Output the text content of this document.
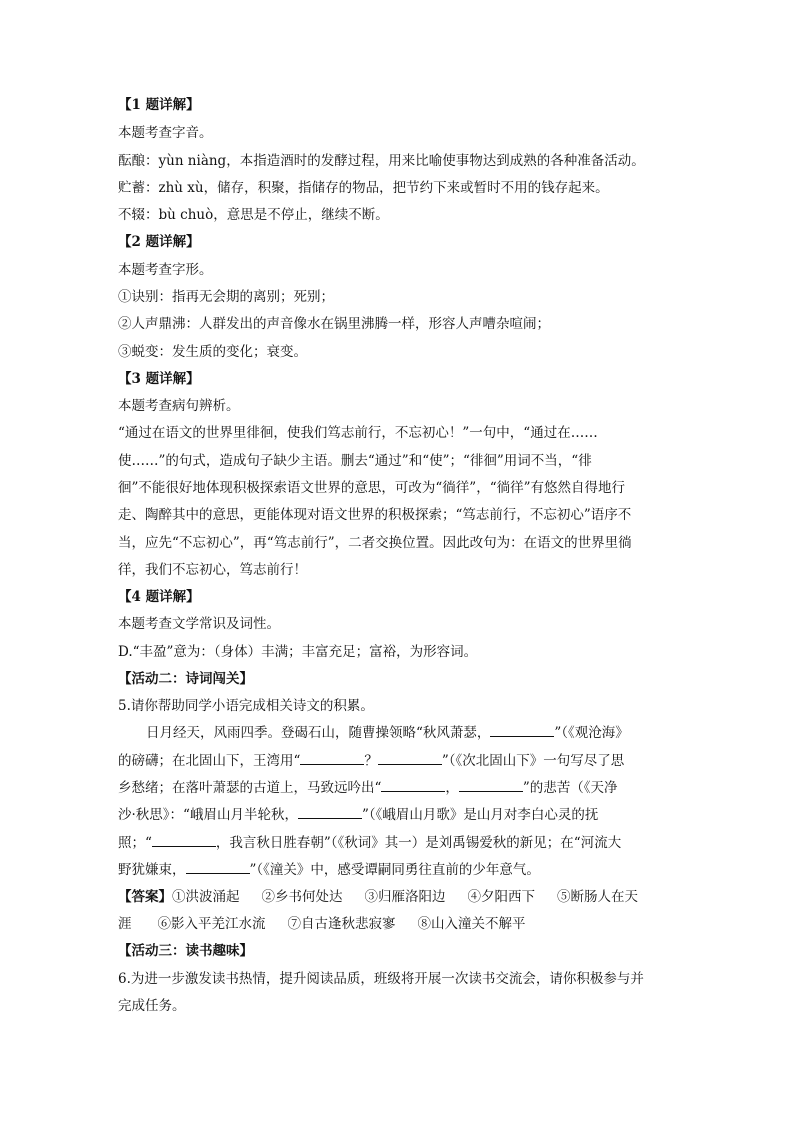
【1 题详解】
本题考查字音。
酝酿：yùn niàng，本指造酒时的发酵过程，用来比喻使事物达到成熟的各种准备活动。
贮蓄：zhù xù，储存，积聚，指储存的物品，把节约下来或暂时不用的钱存起来。
不辍：bù chuò，意思是不停止，继续不断。
【2 题详解】
本题考查字形。
①诀别：指再无会期的离别；死别；
②人声鼎沸：人群发出的声音像水在锅里沸腾一样，形容人声嘈杂喧闹；
③蜕变：发生质的变化；衰变。
【3 题详解】
本题考查病句辨析。
“通过在语文的世界里徘徊，使我们笃志前行，不忘初心！”一句中，“通过在……
使……”的句式，造成句子缺少主语。删去“通过”和“使”；“徘徊”用词不当，“徘
徊”不能很好地体现积极探索语文世界的意思，可改为“徜徉”，“徜徉”有悠然自得地行
走、陶醉其中的意思，更能体现对语文世界的积极探索；“笃志前行，不忘初心”语序不
当，应先“不忘初心”，再“笃志前行”，二者交换位置。因此改句为：在语文的世界里徜
徉，我们不忘初心，笃志前行！
【4 题详解】
本题考查文学常识及词性。
D.“丰盈”意为：（身体）丰满；丰富充足；富裕，为形容词。
【活动二：诗词闯关】
5.请你帮助同学小语完成相关诗文的积累。
日月经天，风雨四季。登碣石山，随曹操领略“秋风萧瑟，	”（《观沧海》
的磅礴；在北固山下，王湾用“	？	”（《次北固山下》一句写尽了思
乡愁绪；在落叶萧瑟的古道上，马致远吟出“	，	”的悲苦（《天净
沙·秋思》：“峨眉山月半轮秋，	”（《峨眉山月歌》是山月对李白心灵的抚
照；“	，我言秋日胜春朝”（《秋词》其一）是刘禹锡爱秋的新见；在“河流大
野犹嫌束，	”（《潼关》中，感受谭嗣同勇往直前的少年意气。
【答案】①洪波涌起 ②乡书何处达 ③归雁洛阳边 ④夕阳西下 ⑤断肠人在天
涯 ⑥影入平羌江水流 ⑦自古逢秋悲寂寥 ⑧山入潼关不解平
【活动三：读书趣味】
6.为进一步激发读书热情，提升阅读品质，班级将开展一次读书交流会，请你积极参与并
完成任务。
